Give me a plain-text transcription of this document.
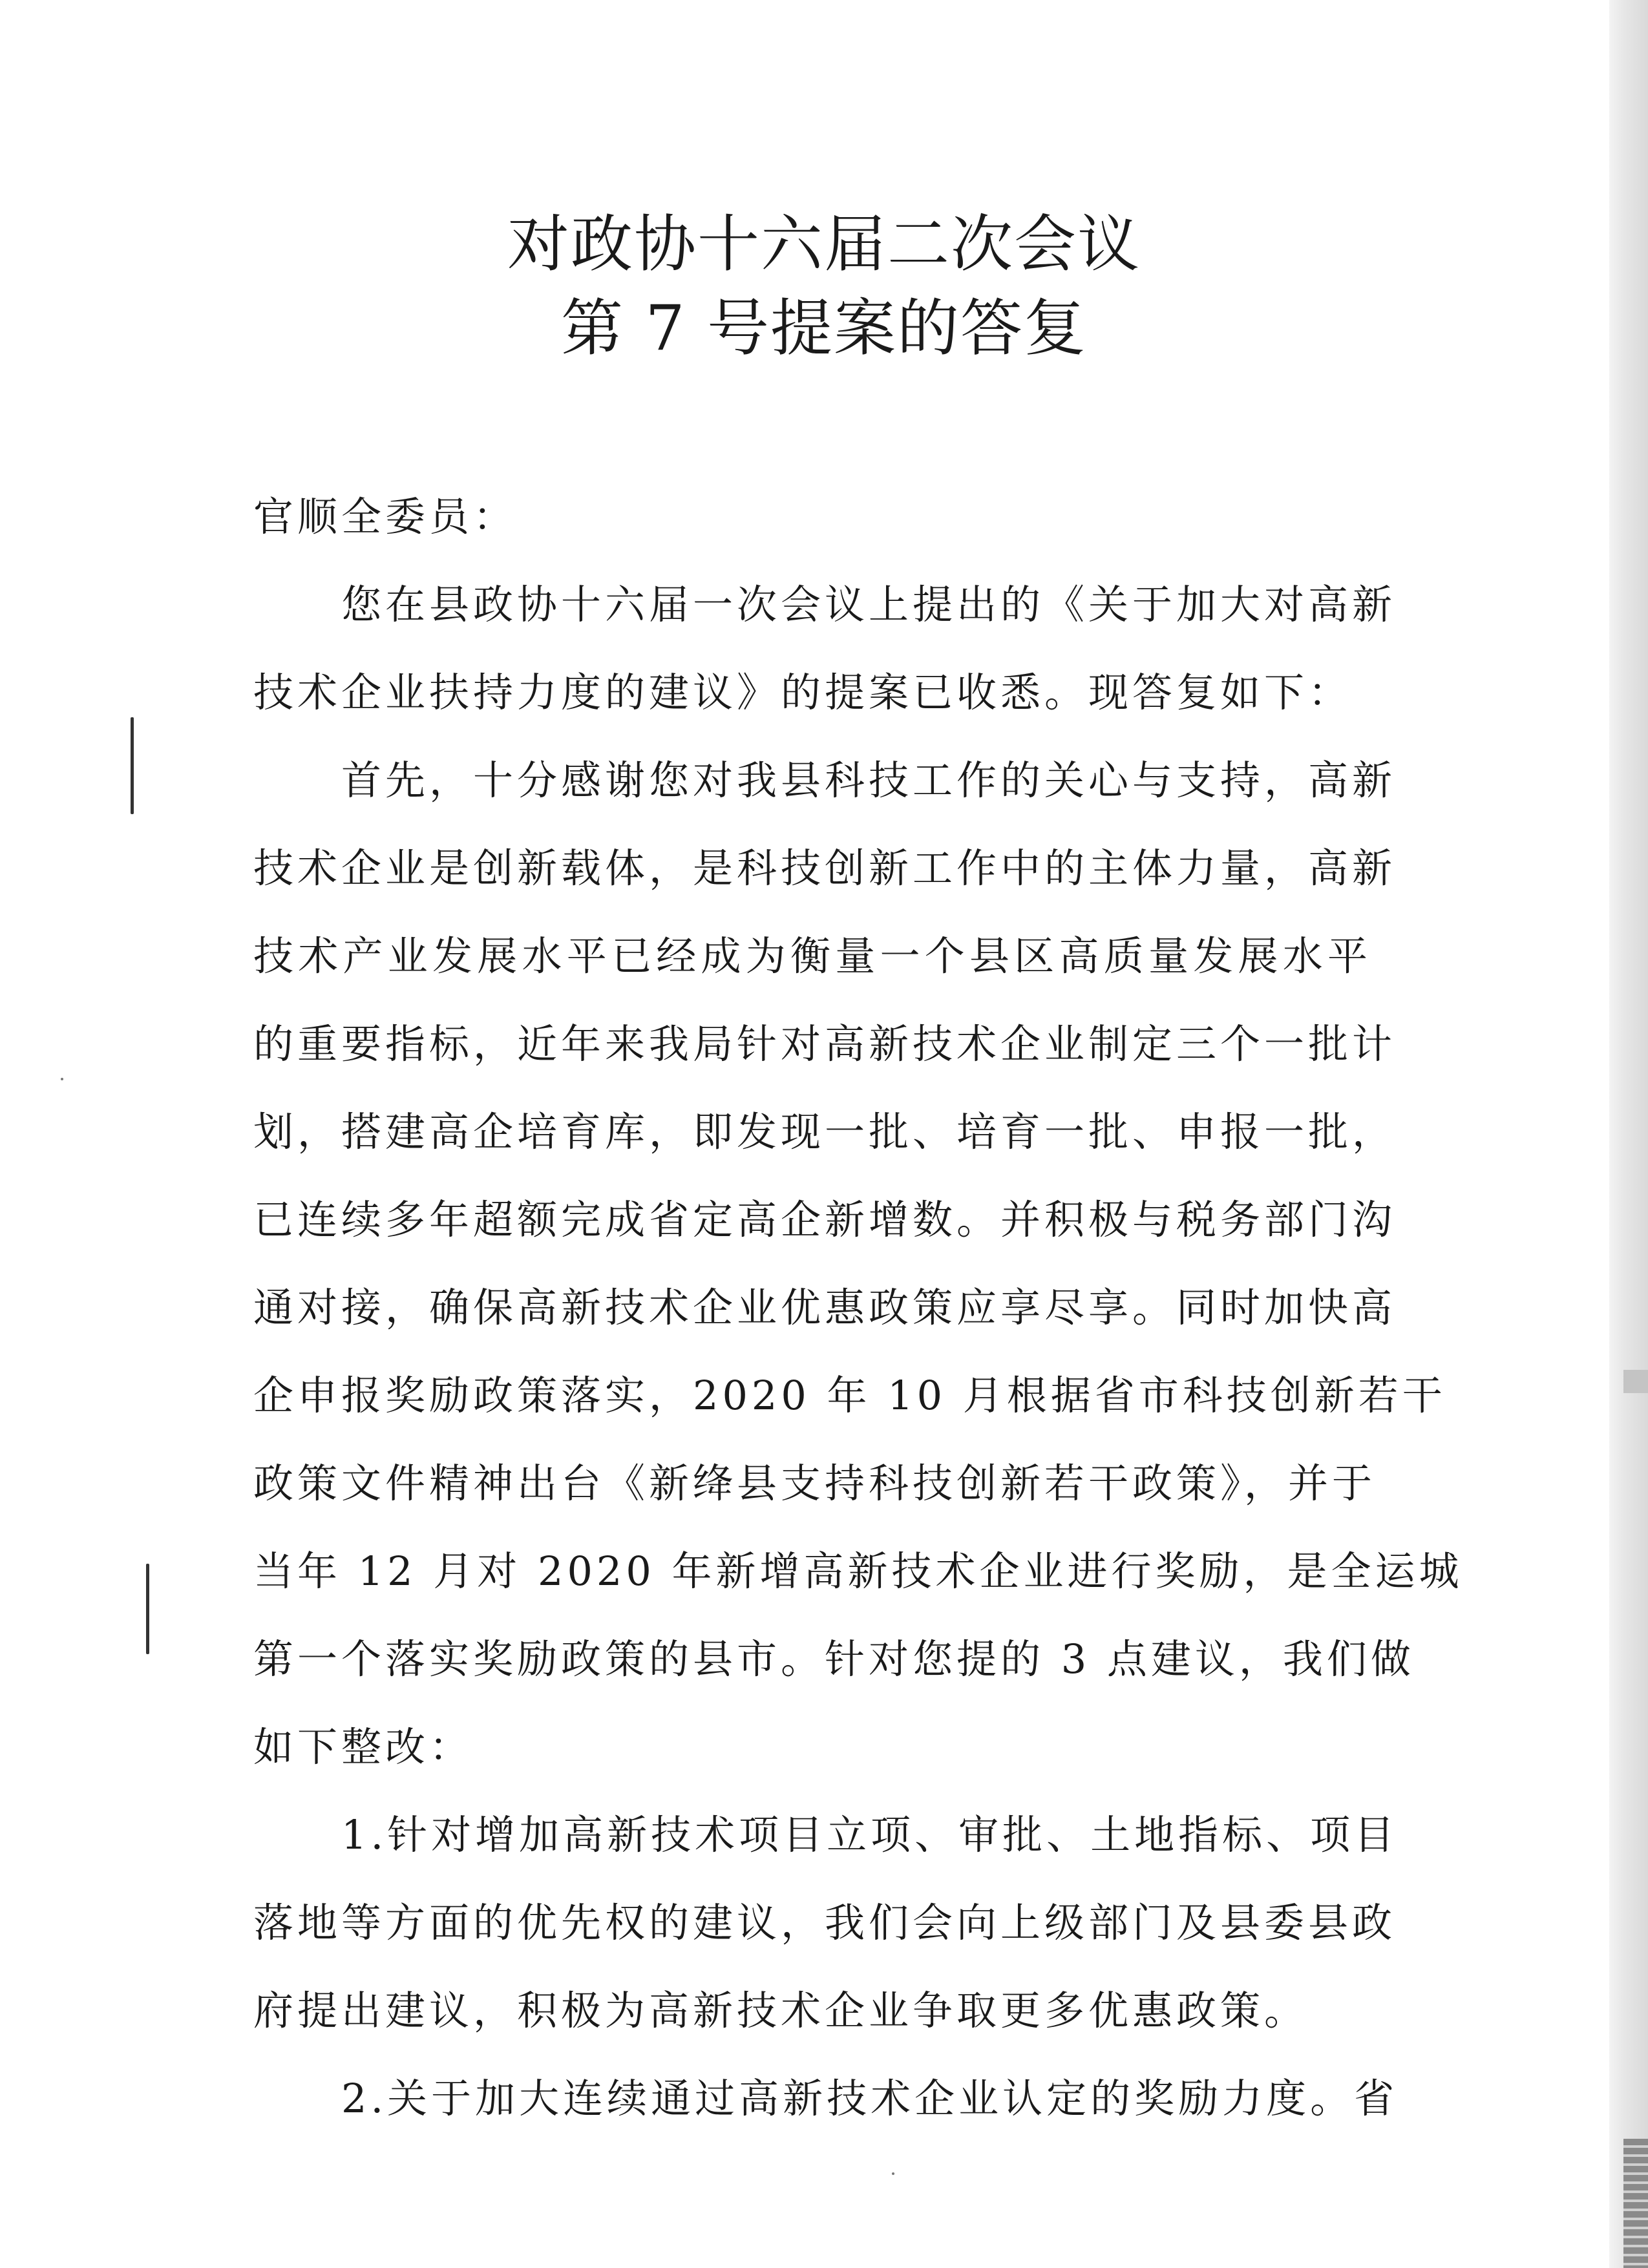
对政协十六届二次会议
第 7 号提案的答复
官顺全委员：
　　您在县政协十六届一次会议上提出的《关于加大对高新
技术企业扶持力度的建议》的提案已收悉。现答复如下：
　　首先，十分感谢您对我县科技工作的关心与支持，高新
技术企业是创新载体，是科技创新工作中的主体力量，高新
技术产业发展水平已经成为衡量一个县区高质量发展水平
的重要指标，近年来我局针对高新技术企业制定三个一批计
划，搭建高企培育库，即发现一批、培育一批、申报一批，
已连续多年超额完成省定高企新增数。并积极与税务部门沟
通对接，确保高新技术企业优惠政策应享尽享。同时加快高
企申报奖励政策落实，2020 年 10 月根据省市科技创新若干
政策文件精神出台《新绛县支持科技创新若干政策》，并于
当年 12 月对 2020 年新增高新技术企业进行奖励，是全运城
第一个落实奖励政策的县市。针对您提的 3 点建议，我们做
如下整改：
　　1.针对增加高新技术项目立项、审批、土地指标、项目
落地等方面的优先权的建议，我们会向上级部门及县委县政
府提出建议，积极为高新技术企业争取更多优惠政策。
　　2.关于加大连续通过高新技术企业认定的奖励力度。省
